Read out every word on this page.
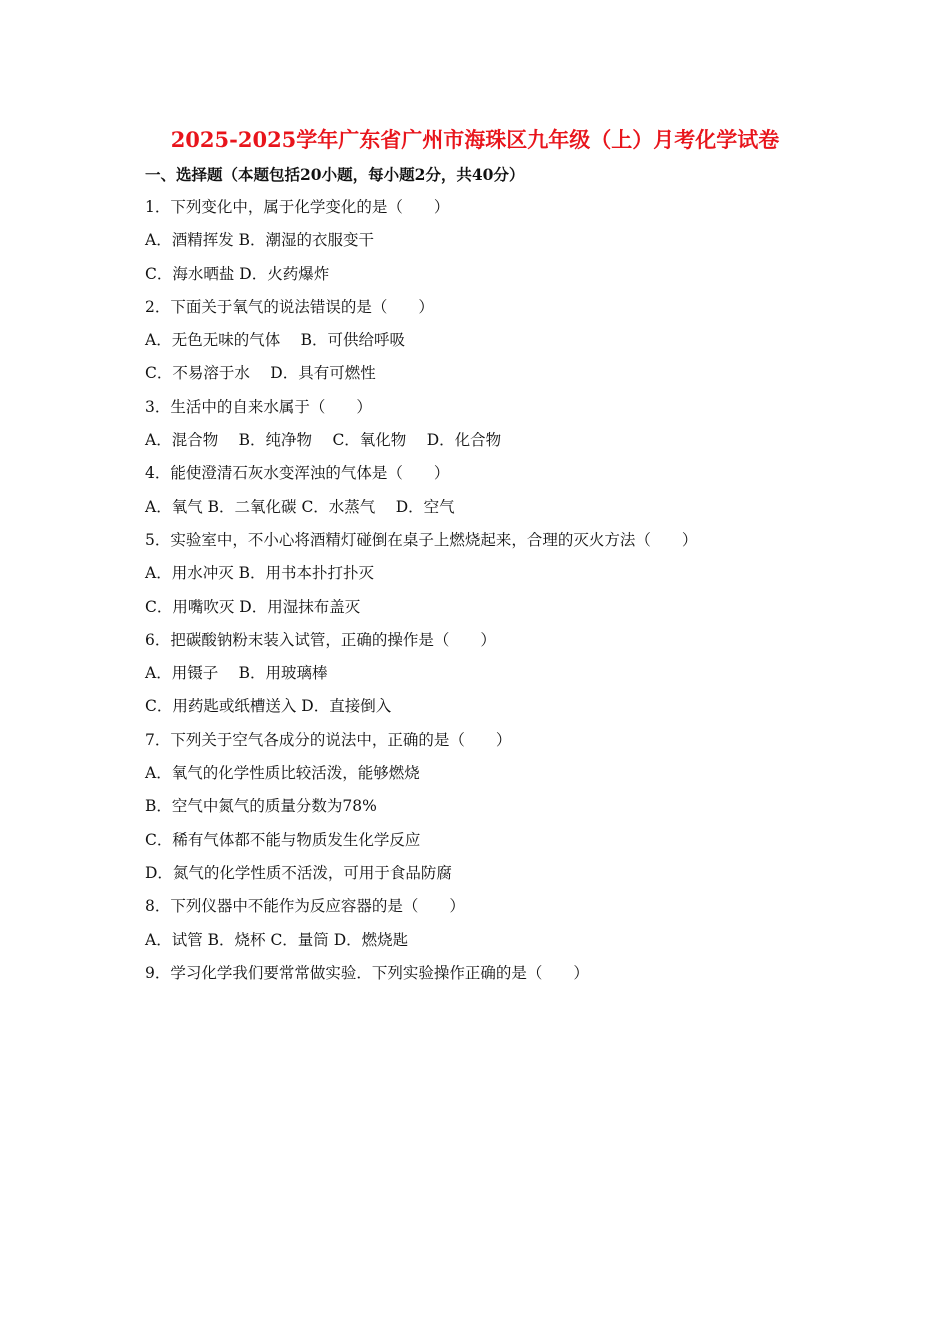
2025-2025学年广东省广州市海珠区九年级（上）月考化学试卷
一、选择题（本题包括20小题，每小题2分，共40分）
1．下列变化中，属于化学变化的是（　　）
A．酒精挥发 B．潮湿的衣服变干
C．海水晒盐 D．火药爆炸
2．下面关于氧气的说法错误的是（　　）
A．无色无味的气体　 B．可供给呼吸
C．不易溶于水　 D．具有可燃性
3．生活中的自来水属于（　　）
A．混合物　 B．纯净物　 C．氧化物　 D．化合物
4．能使澄清石灰水变浑浊的气体是（　　）
A．氧气 B．二氧化碳 C．水蒸气　 D．空气
5．实验室中，不小心将酒精灯碰倒在桌子上燃烧起来，合理的灭火方法（　　）
A．用水冲灭 B．用书本扑打扑灭
C．用嘴吹灭 D．用湿抹布盖灭
6．把碳酸钠粉末装入试管，正确的操作是（　　）
A．用镊子　 B．用玻璃棒
C．用药匙或纸槽送入 D．直接倒入
7．下列关于空气各成分的说法中，正确的是（　　）
A．氧气的化学性质比较活泼，能够燃烧
B．空气中氮气的质量分数为78%
C．稀有气体都不能与物质发生化学反应
D．氮气的化学性质不活泼，可用于食品防腐
8．下列仪器中不能作为反应容器的是（　　）
A．试管 B．烧杯 C．量筒 D．燃烧匙
9．学习化学我们要常常做实验．下列实验操作正确的是（　　）
